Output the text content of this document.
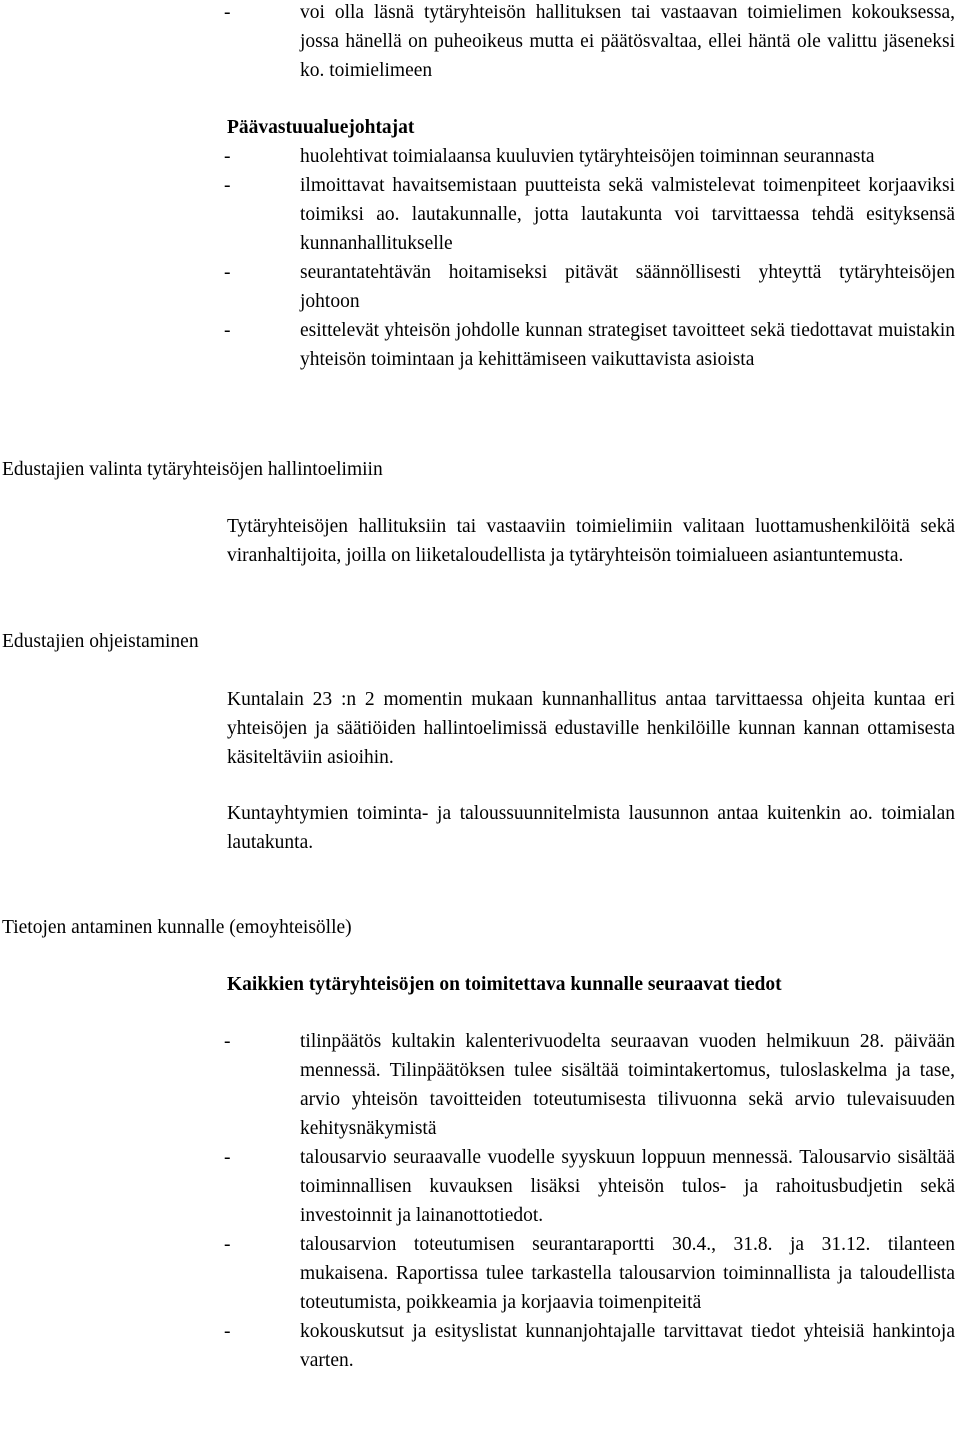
-	voi olla läsnä tytäryhteisön hallituksen tai vastaavan toimielimen kokouksessa, jossa hänellä on puheoikeus mutta ei päätösvaltaa, ellei häntä ole valittu jäseneksi ko. toimielimeen
Päävastuualuejohtajat
-	huolehtivat toimialaansa kuuluvien tytäryhteisöjen toiminnan seurannasta
-	ilmoittavat havaitsemistaan puutteista sekä valmistelevat toimenpiteet korjaaviksi toimiksi ao. lautakunnalle, jotta lautakunta voi tarvittaessa tehdä esityksensä kunnanhallitukselle
-	seurantatehtävän hoitamiseksi pitävät säännöllisesti yhteyttä tytäryhteisöjen johtoon
-	esittelevät yhteisön johdolle kunnan strategiset tavoitteet sekä tiedottavat muistakin yhteisön toimintaan ja kehittämiseen vaikuttavista asioista
Edustajien valinta tytäryhteisöjen hallintoelimiin
Tytäryhteisöjen hallituksiin tai vastaaviin toimielimiin valitaan luottamushenkilöitä sekä viranhaltijoita, joilla on liiketaloudellista ja tytäryhteisön toimialueen asiantuntemusta.
Edustajien ohjeistaminen
Kuntalain 23 :n 2 momentin mukaan kunnanhallitus antaa tarvittaessa ohjeita kuntaa eri yhteisöjen ja säätiöiden hallintoelimissä edustaville henkilöille kunnan kannan ottamisesta käsiteltäviin asioihin.
Kuntayhtymien toiminta- ja taloussuunnitelmista lausunnon antaa kuitenkin ao. toimialan lautakunta.
Tietojen antaminen kunnalle (emoyhteisölle)
Kaikkien tytäryhteisöjen on toimitettava kunnalle seuraavat tiedot
-	tilinpäätös kultakin kalenterivuodelta seuraavan vuoden helmikuun 28. päivään mennessä. Tilinpäätöksen tulee sisältää toimintakertomus, tuloslaskelma ja tase, arvio yhteisön tavoitteiden toteutumisesta tilivuonna sekä arvio tulevaisuuden kehitysnäkymistä
-	talousarvio seuraavalle vuodelle syyskuun loppuun mennessä. Talousarvio sisältää toiminnallisen kuvauksen lisäksi yhteisön tulos- ja rahoitusbudjetin sekä investoinnit ja lainanottotiedot.
-	talousarvion toteutumisen seurantaraportti 30.4., 31.8. ja 31.12. tilanteen mukaisena. Raportissa tulee tarkastella talousarvion toiminnallista ja taloudellista toteutumista, poikkeamia ja korjaavia toimenpiteitä
-	kokouskutsut ja esityslistat kunnanjohtajalle tarvittavat tiedot yhteisiä hankintoja varten.
